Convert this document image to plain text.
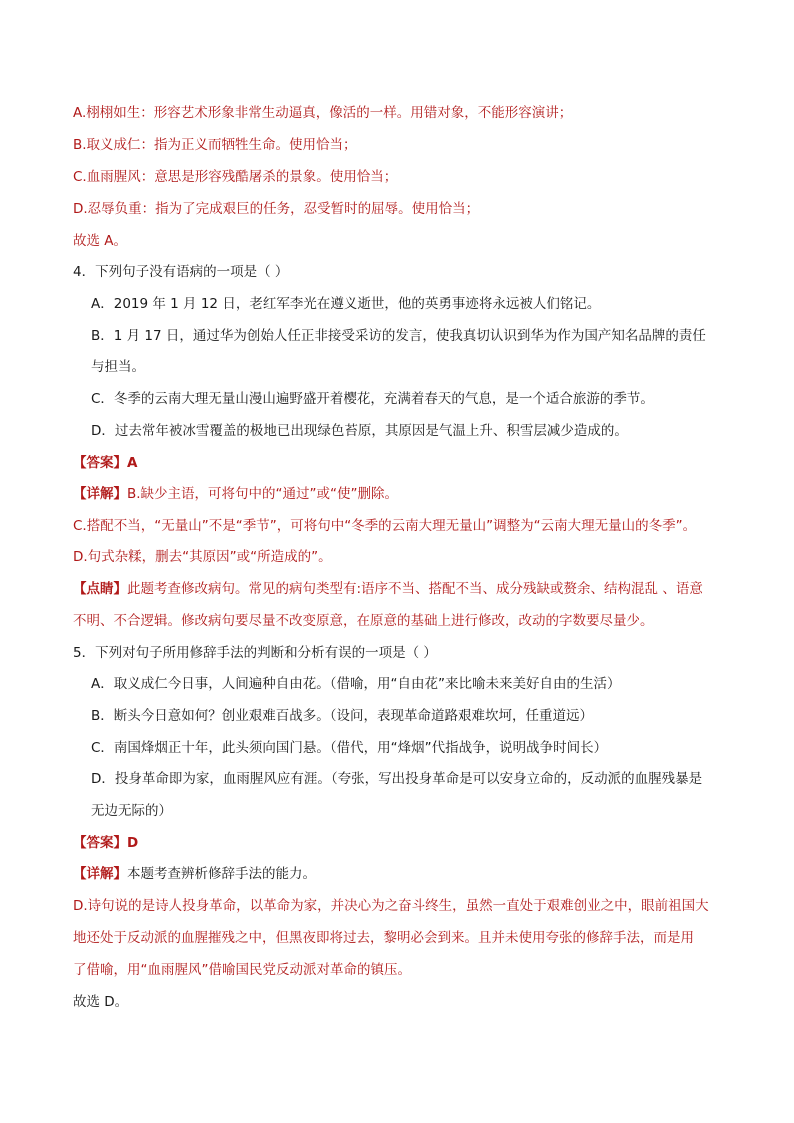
A.栩栩如生：形容艺术形象非常生动逼真，像活的一样。用错对象，不能形容演讲；
B.取义成仁：指为正义而牺牲生命。使用恰当；
C.血雨腥风：意思是形容残酷屠杀的景象。使用恰当；
D.忍辱负重：指为了完成艰巨的任务，忍受暂时的屈辱。使用恰当；
故选 A。
4．下列句子没有语病的一项是（ ）
A．2019 年 1 月 12 日，老红军李光在遵义逝世，他的英勇事迹将永远被人们铭记。
B．1 月 17 日，通过华为创始人任正非接受采访的发言，使我真切认识到华为作为国产知名品牌的责任
与担当。
C．冬季的云南大理无量山漫山遍野盛开着樱花，充满着春天的气息，是一个适合旅游的季节。
D．过去常年被冰雪覆盖的极地已出现绿色苔原，其原因是气温上升、积雪层减少造成的。
【答案】A
【详解】B.缺少主语，可将句中的“通过”或“使”删除。
C.搭配不当，“无量山”不是“季节”，可将句中“冬季的云南大理无量山”调整为“云南大理无量山的冬季”。
D.句式杂糅，删去“其原因”或“所造成的”。
【点睛】此题考查修改病句。常见的病句类型有:语序不当、搭配不当、成分残缺或赘余、结构混乱 、语意
不明、不合逻辑。修改病句要尽量不改变原意，在原意的基础上进行修改，改动的字数要尽量少。
5．下列对句子所用修辞手法的判断和分析有误的一项是（ ）
A．取义成仁今日事，人间遍种自由花。（借喻，用“自由花”来比喻未来美好自由的生活）
B．断头今日意如何？创业艰难百战多。（设问，表现革命道路艰难坎坷，任重道远）
C．南国烽烟正十年，此头须向国门悬。（借代，用“烽烟”代指战争，说明战争时间长）
D．投身革命即为家，血雨腥风应有涯。（夸张，写出投身革命是可以安身立命的，反动派的血腥残暴是
无边无际的）
【答案】D
【详解】本题考查辨析修辞手法的能力。
D.诗句说的是诗人投身革命，以革命为家，并决心为之奋斗终生，虽然一直处于艰难创业之中，眼前祖国大
地还处于反动派的血腥摧残之中，但黑夜即将过去，黎明必会到来。且并未使用夸张的修辞手法，而是用
了借喻，用“血雨腥风”借喻国民党反动派对革命的镇压。
故选 D。
